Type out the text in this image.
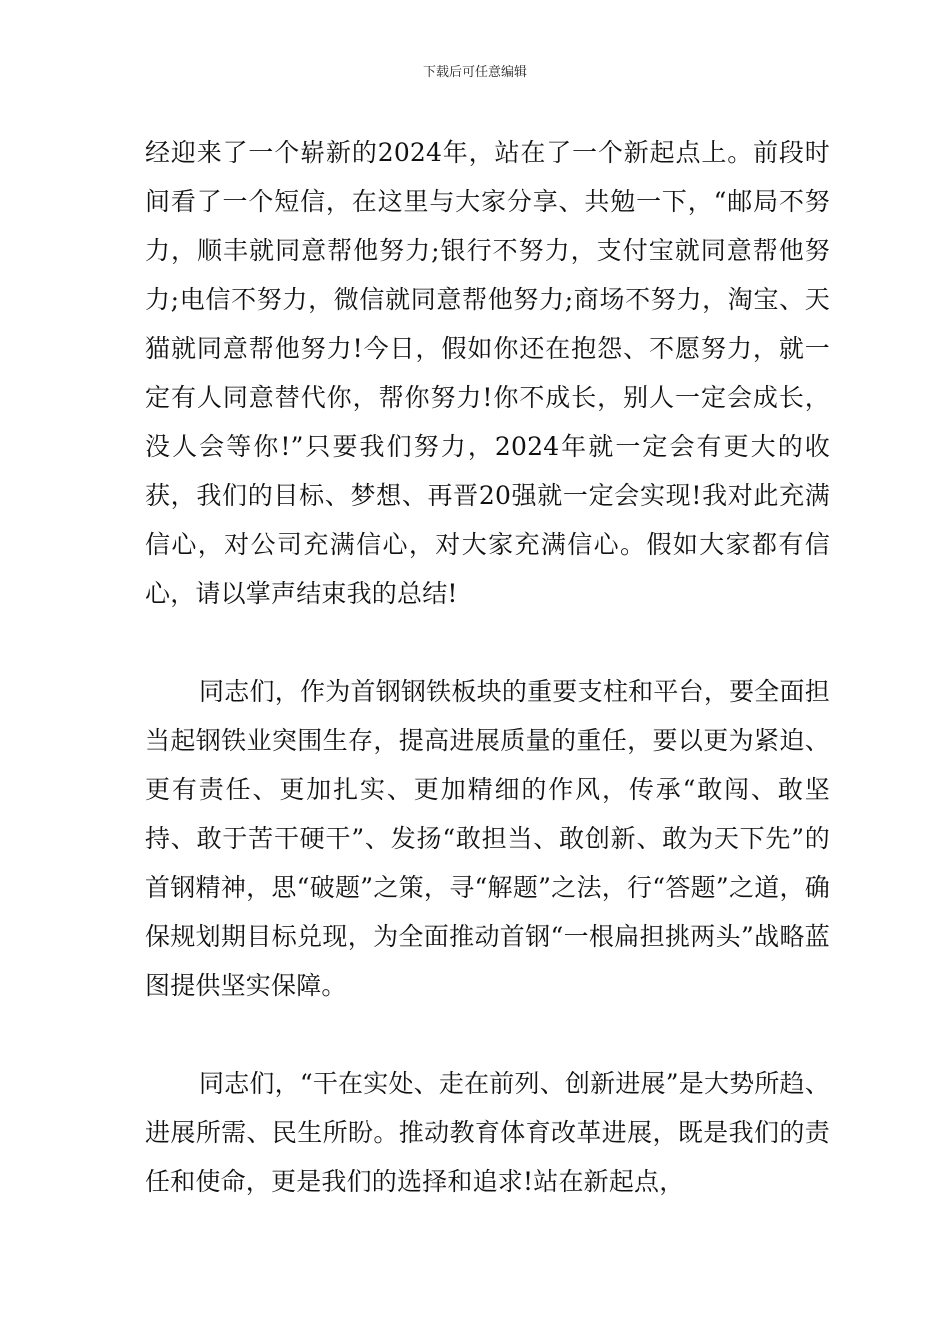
下载后可任意编辑

经迎来了一个崭新的2024年，站在了一个新起点上。前段时间看了一个短信，在这里与大家分享、共勉一下，“邮局不努力，顺丰就同意帮他努力;银行不努力，支付宝就同意帮他努力;电信不努力，微信就同意帮他努力;商场不努力，淘宝、天猫就同意帮他努力!今日，假如你还在抱怨、不愿努力，就一定有人同意替代你，帮你努力!你不成长，别人一定会成长，没人会等你!”只要我们努力，2024年就一定会有更大的收获，我们的目标、梦想、再晋20强就一定会实现!我对此充满信心，对公司充满信心，对大家充满信心。假如大家都有信心，请以掌声结束我的总结!

同志们，作为首钢钢铁板块的重要支柱和平台，要全面担当起钢铁业突围生存，提高进展质量的重任，要以更为紧迫、更有责任、更加扎实、更加精细的作风，传承“敢闯、敢坚持、敢于苦干硬干”、发扬“敢担当、敢创新、敢为天下先”的首钢精神，思“破题”之策，寻“解题”之法，行“答题”之道，确保规划期目标兑现，为全面推动首钢“一根扁担挑两头”战略蓝图提供坚实保障。

同志们，“干在实处、走在前列、创新进展”是大势所趋、进展所需、民生所盼。推动教育体育改革进展，既是我们的责任和使命，更是我们的选择和追求!站在新起点，
